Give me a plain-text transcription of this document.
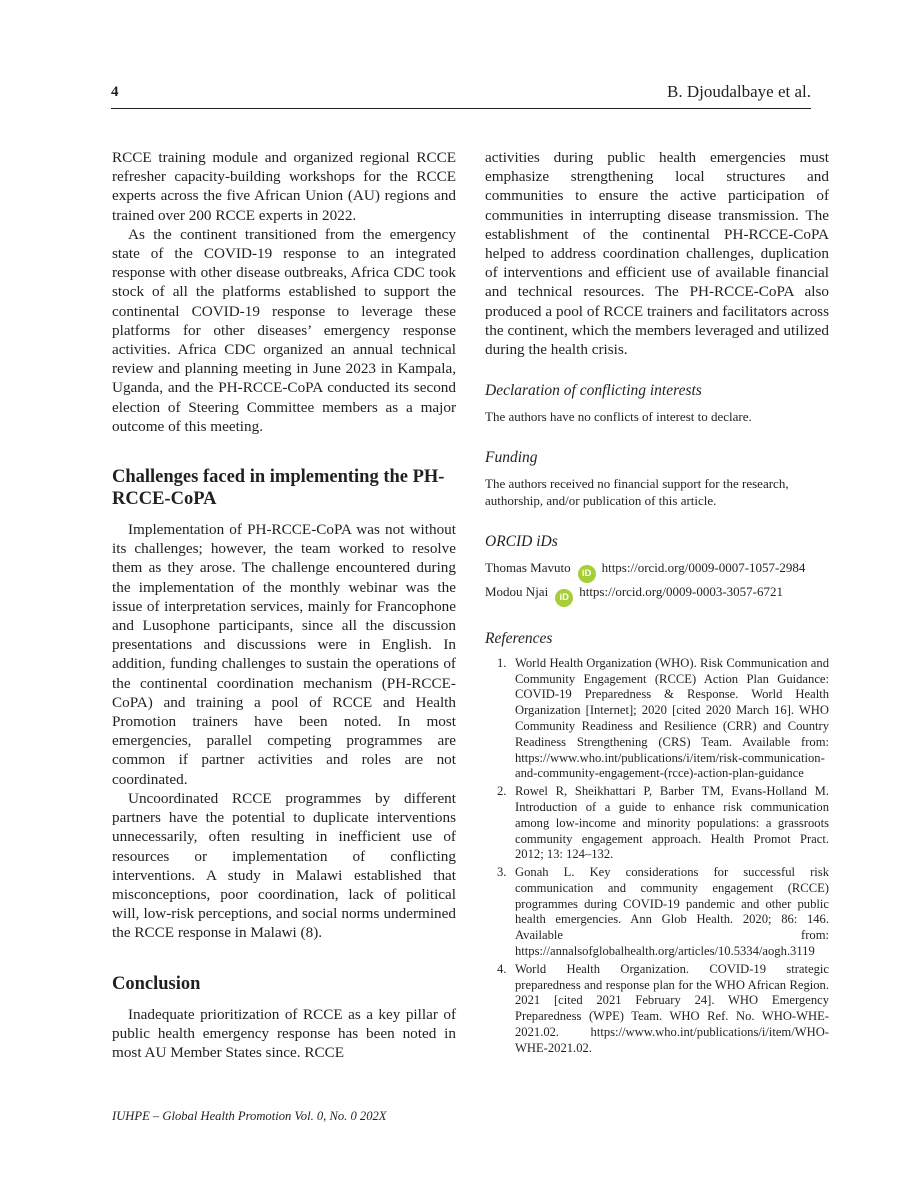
4	B. Djoudalbaye et al.

RCCE training module and organized regional RCCE refresher capacity-building workshops for the RCCE experts across the five African Union (AU) regions and trained over 200 RCCE experts in 2022.

As the continent transitioned from the emergency state of the COVID-19 response to an integrated response with other disease outbreaks, Africa CDC took stock of all the platforms established to support the continental COVID-19 response to leverage these platforms for other diseases’ emergency response activities. Africa CDC organized an annual technical review and planning meeting in June 2023 in Kampala, Uganda, and the PH-RCCE-CoPA conducted its second election of Steering Committee members as a major outcome of this meeting.

Challenges faced in implementing the PH-RCCE-CoPA

Implementation of PH-RCCE-CoPA was not without its challenges; however, the team worked to resolve them as they arose. The challenge encountered during the implementation of the monthly webinar was the issue of interpretation services, mainly for Francophone and Lusophone participants, since all the discussion presentations and discussions were in English. In addition, funding challenges to sustain the operations of the continental coordination mechanism (PH-RCCE-CoPA) and training a pool of RCCE and Health Promotion trainers have been noted. In most emergencies, parallel competing programmes are common if partner activities and roles are not coordinated.

Uncoordinated RCCE programmes by different partners have the potential to duplicate interventions unnecessarily, often resulting in inefficient use of resources or implementation of conflicting interventions. A study in Malawi established that misconceptions, poor coordination, lack of political will, low-risk perceptions, and social norms undermined the RCCE response in Malawi (8).

Conclusion

Inadequate prioritization of RCCE as a key pillar of public health emergency response has been noted in most AU Member States since. RCCE

activities during public health emergencies must emphasize strengthening local structures and communities to ensure the active participation of communities in interrupting disease transmission. The establishment of the continental PH-RCCE-CoPA helped to address coordination challenges, duplication of interventions and efficient use of available financial and technical resources. The PH-RCCE-CoPA also produced a pool of RCCE trainers and facilitators across the continent, which the members leveraged and utilized during the health crisis.

Declaration of conflicting interests

The authors have no conflicts of interest to declare.

Funding

The authors received no financial support for the research, authorship, and/or publication of this article.

ORCID iDs
Thomas Mavuto iD https://orcid.org/0009-0007-1057-2984
Modou Njai iD https://orcid.org/0009-0003-3057-6721
References
1. World Health Organization (WHO). Risk Communication and Community Engagement (RCCE) Action Plan Guidance: COVID-19 Preparedness & Response. World Health Organization [Internet]; 2020 [cited 2020 March 16]. WHO Community Readiness and Resilience (CRR) and Country Readiness Strengthening (CRS) Team. Available from: https://www.who.int/publications/i/item/risk-communication-and-community-engagement-(rcce)-action-plan-guidance
2. Rowel R, Sheikhattari P, Barber TM, Evans-Holland M. Introduction of a guide to enhance risk communication among low-income and minority populations: a grassroots community engagement approach. Health Promot Pract. 2012; 13: 124–132.
3. Gonah L. Key considerations for successful risk communication and community engagement (RCCE) programmes during COVID-19 pandemic and other public health emergencies. Ann Glob Health. 2020; 86: 146. Available from: https://annalsofglobalhealth.org/articles/10.5334/aogh.3119
4. World Health Organization. COVID-19 strategic preparedness and response plan for the WHO African Region. 2021 [cited 2021 February 24]. WHO Emergency Preparedness (WPE) Team. WHO Ref. No. WHO-WHE-2021.02. https://www.who.int/publications/i/item/WHO-WHE-2021.02.
IUHPE – Global Health Promotion Vol. 0, No. 0 202X
